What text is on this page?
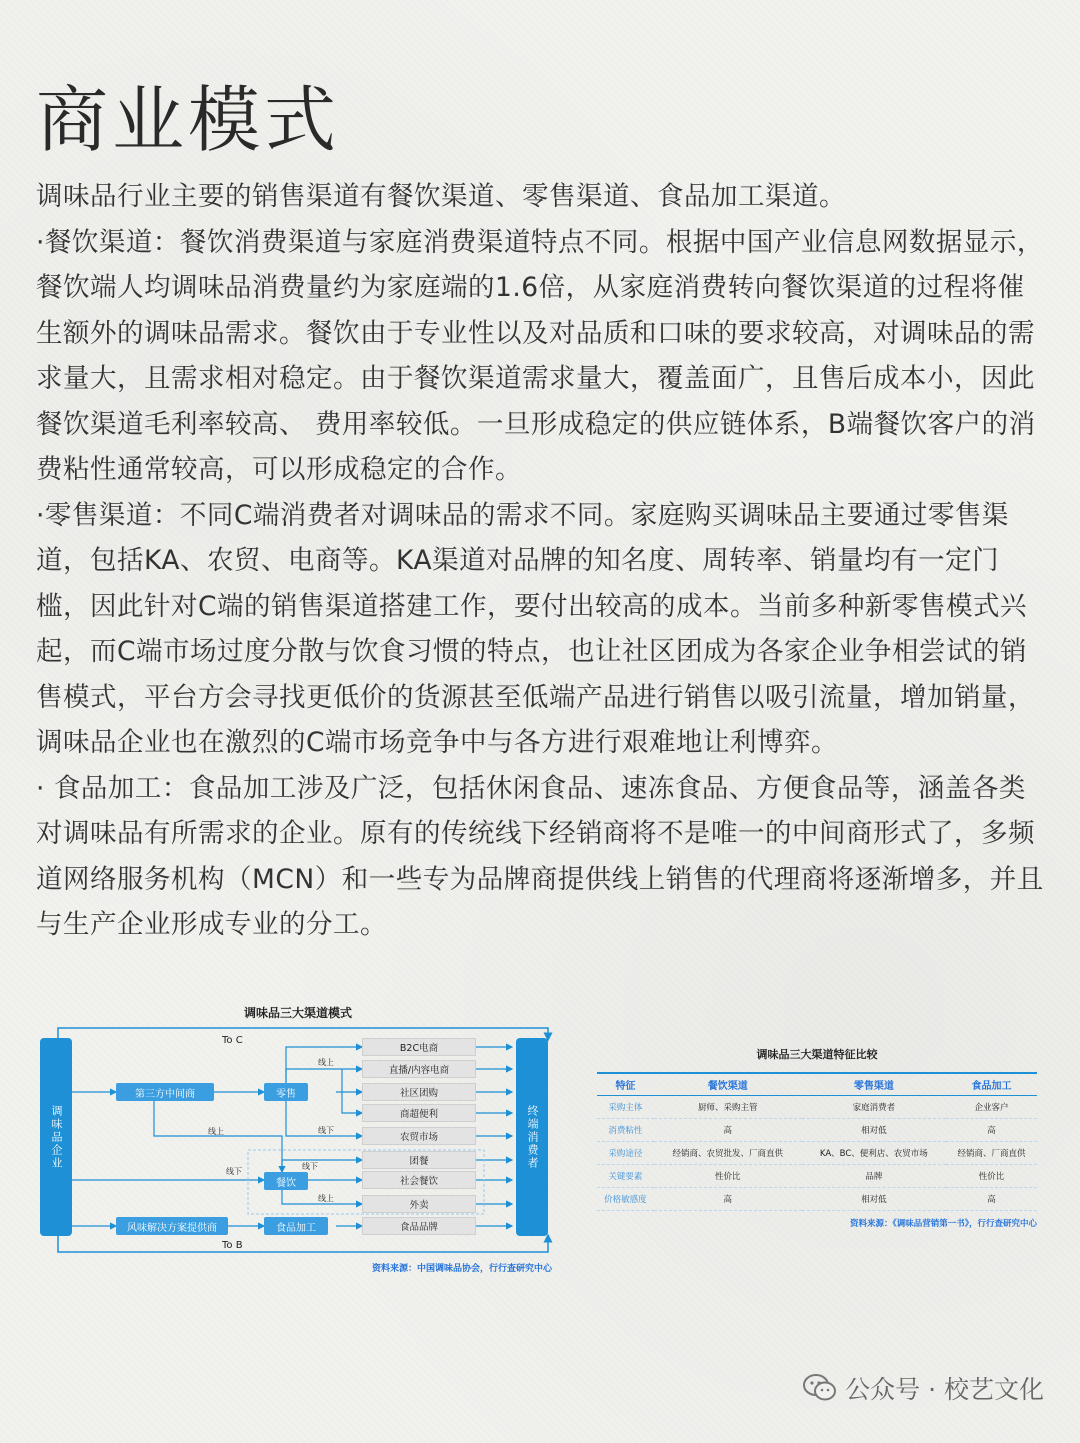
商业模式

调味品行业主要的销售渠道有餐饮渠道、零售渠道、食品加工渠道。

·餐饮渠道：餐饮消费渠道与家庭消费渠道特点不同。根据中国产业信息网数据显示，餐饮端人均调味品消费量约为家庭端的1.6倍，从家庭消费转向餐饮渠道的过程将催生额外的调味品需求。餐饮由于专业性以及对品质和口味的要求较高，对调味品的需求量大，且需求相对稳定。由于餐饮渠道需求量大，覆盖面广，且售后成本小，因此餐饮渠道毛利率较高、 费用率较低。一旦形成稳定的供应链体系，B端餐饮客户的消费粘性通常较高，可以形成稳定的合作。

·零售渠道：不同C端消费者对调味品的需求不同。家庭购买调味品主要通过零售渠道，包括KA、农贸、电商等。KA渠道对品牌的知名度、周转率、销量均有一定门槛，因此针对C端的销售渠道搭建工作，要付出较高的成本。当前多种新零售模式兴起，而C端市场过度分散与饮食习惯的特点，也让社区团成为各家企业争相尝试的销售模式，平台方会寻找更低价的货源甚至低端产品进行销售以吸引流量，增加销量，调味品企业也在激烈的C端市场竞争中与各方进行艰难地让利博弈。

· 食品加工：食品加工涉及广泛，包括休闲食品、速冻食品、方便食品等，涵盖各类对调味品有所需求的企业。原有的传统线下经销商将不是唯一的中间商形式了，多频道网络服务机构（MCN）和一些专为品牌商提供线上销售的代理商将逐渐增多，并且与生产企业形成专业的分工。

调味品三大渠道模式
调味品企业	终端消费者
To C
To B
第三方中间商	零售
餐饮
风味解决方案提供商	食品加工
B2C电商
直播/内容电商
社区团购
商超便利
农贸市场
团餐
社会餐饮
外卖
食品品牌
线上
线下
线上
线下
线下
线上
资料来源：中国调味品协会，行行查研究中心
调味品三大渠道特征比较
特征	餐饮渠道	零售渠道	食品加工
采购主体	厨师、采购主管	家庭消费者	企业客户
消费粘性	高	相对低	高
采购途径	经销商、农贸批发、厂商直供	KA、BC、便利店、农贸市场	经销商、厂商直供
关键要素	性价比	品牌	性价比
价格敏感度	高	相对低	高
资料来源：《调味品营销第一书》，行行查研究中心
公众号 · 校艺文化
